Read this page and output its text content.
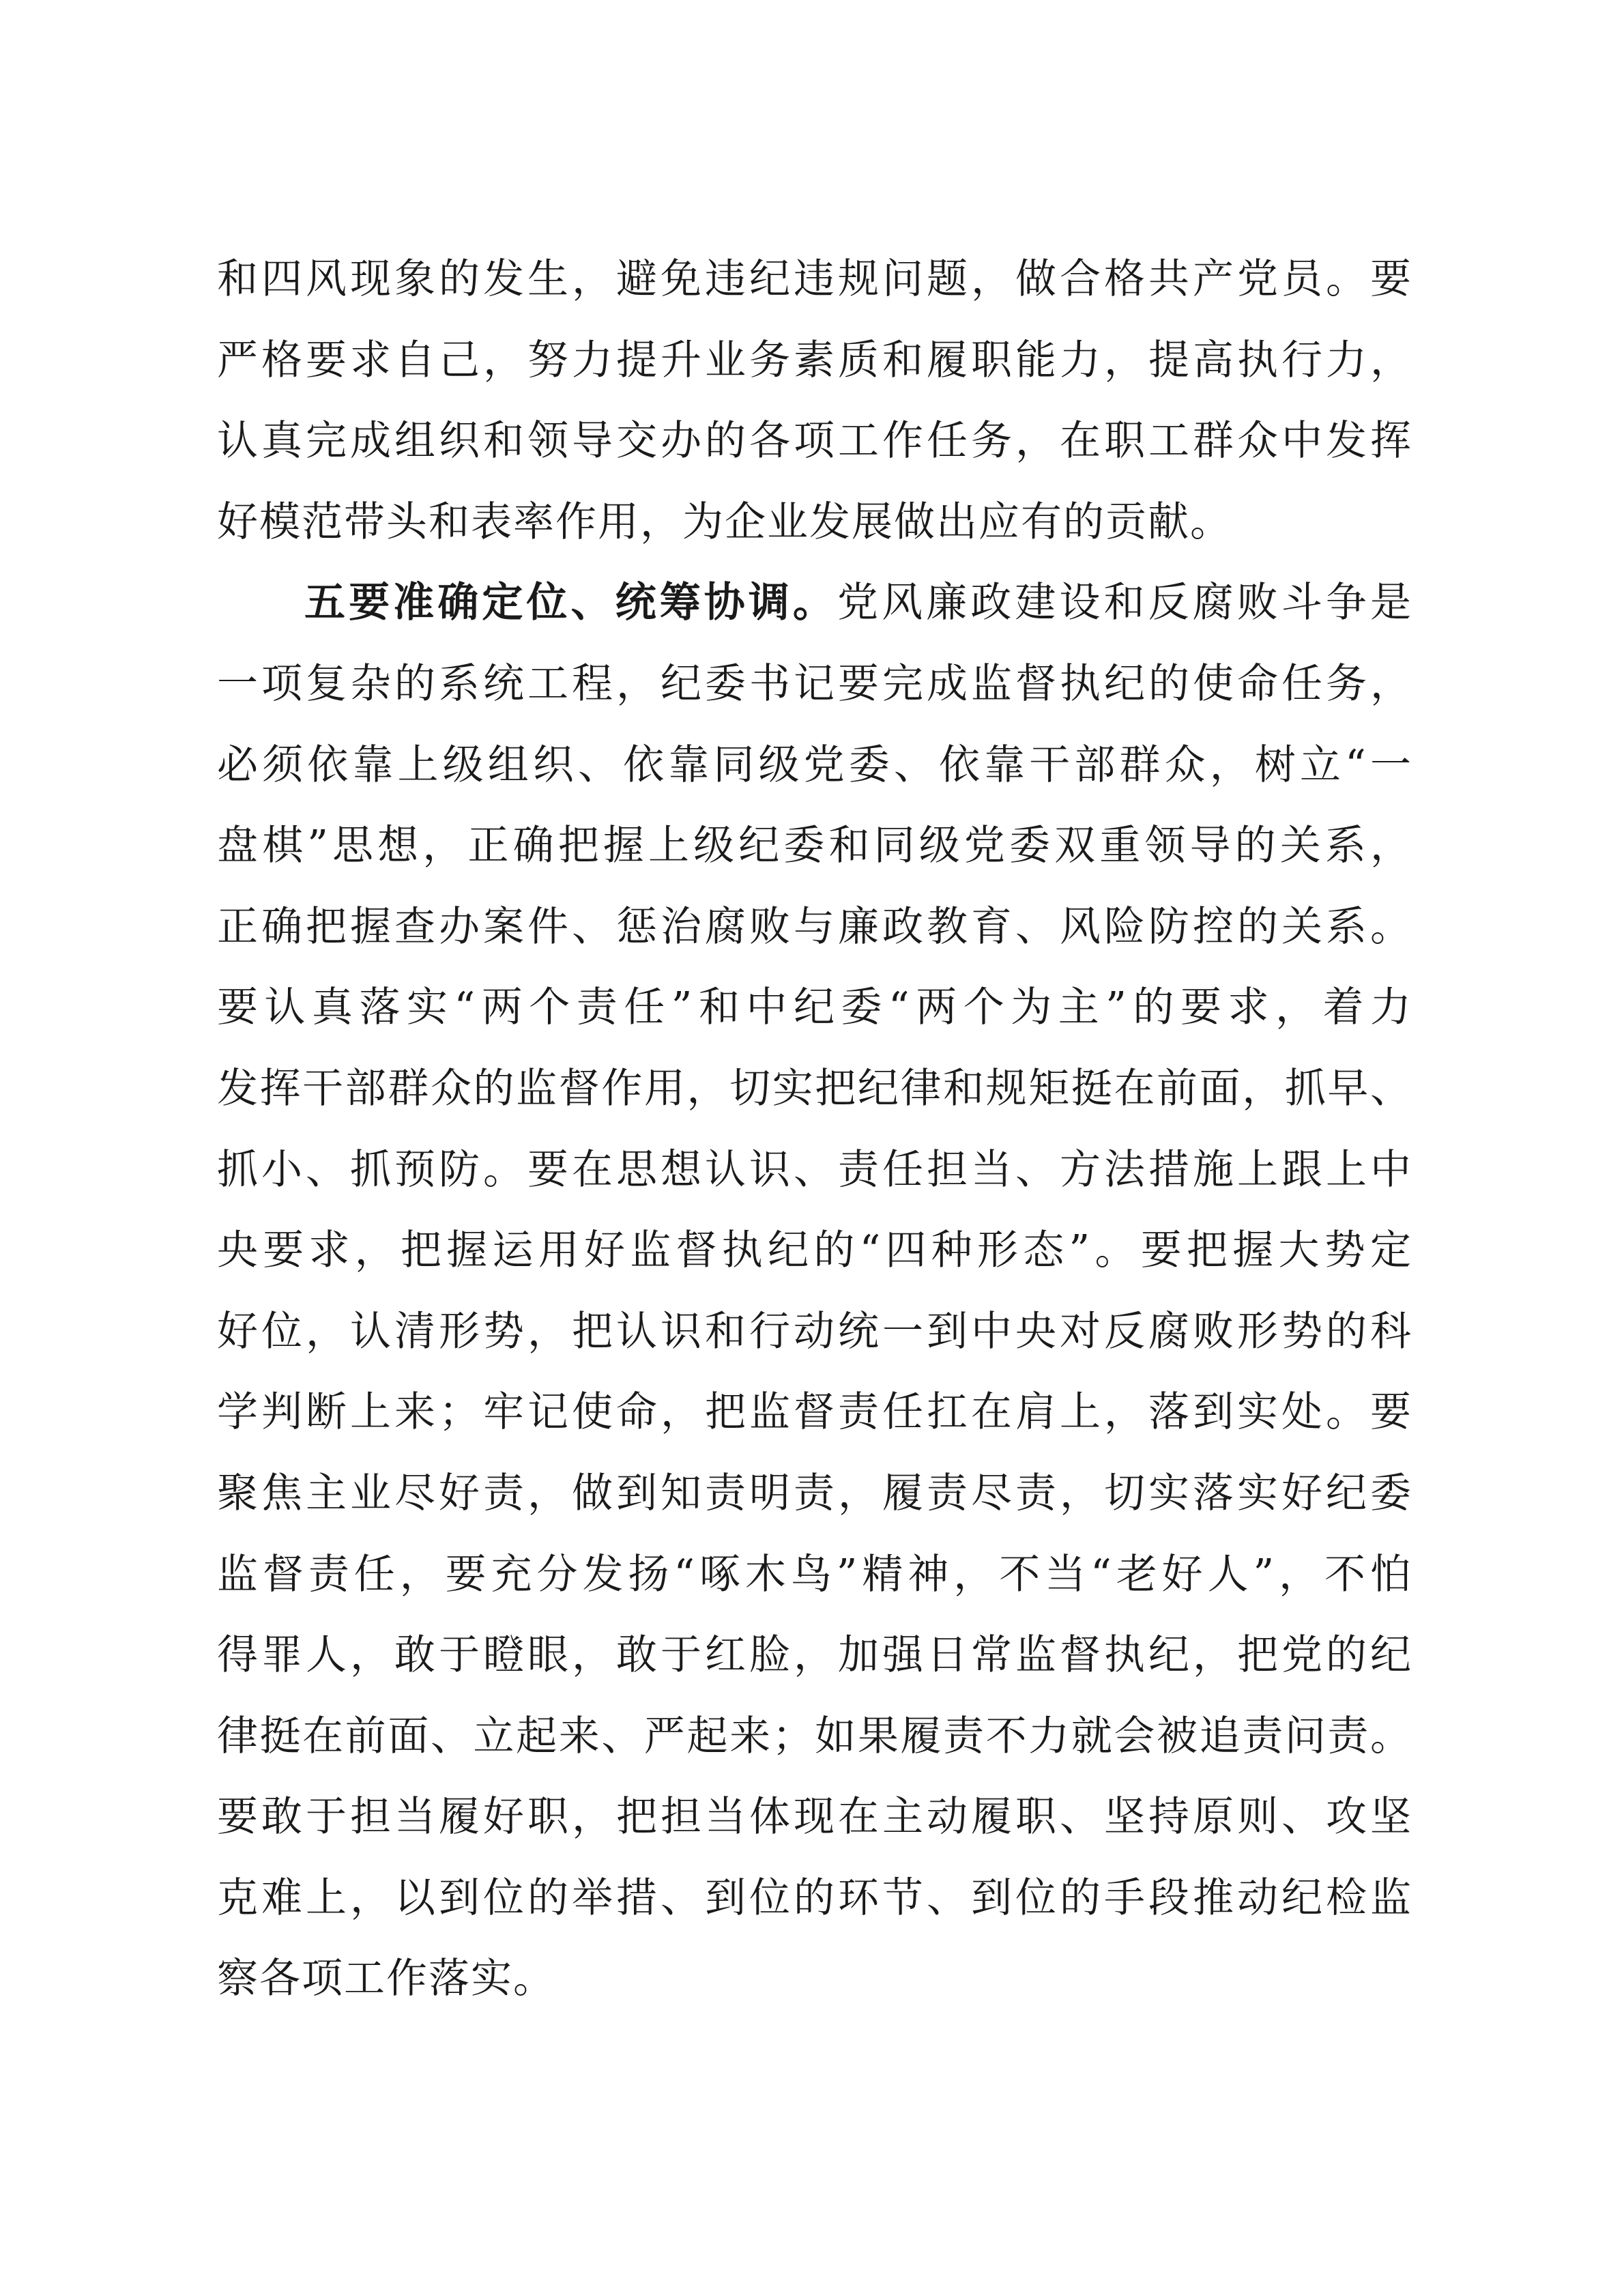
和四风现象的发生，避免违纪违规问题，做合格共产党员。要
严格要求自己，努力提升业务素质和履职能力，提高执行力，
认真完成组织和领导交办的各项工作任务，在职工群众中发挥
好模范带头和表率作用，为企业发展做出应有的贡献。
五要准确定位、统筹协调。党风廉政建设和反腐败斗争是
一项复杂的系统工程，纪委书记要完成监督执纪的使命任务，
必须依靠上级组织、依靠同级党委、依靠干部群众，树立“一
盘棋”思想，正确把握上级纪委和同级党委双重领导的关系，
正确把握查办案件、惩治腐败与廉政教育、风险防控的关系。
要认真落实“两个责任”和中纪委“两个为主”的要求，着力
发挥干部群众的监督作用，切实把纪律和规矩挺在前面，抓早、
抓小、抓预防。要在思想认识、责任担当、方法措施上跟上中
央要求，把握运用好监督执纪的“四种形态”。要把握大势定
好位，认清形势，把认识和行动统一到中央对反腐败形势的科
学判断上来；牢记使命，把监督责任扛在肩上，落到实处。要
聚焦主业尽好责，做到知责明责，履责尽责，切实落实好纪委
监督责任，要充分发扬“啄木鸟”精神，不当“老好人”，不怕
得罪人，敢于瞪眼，敢于红脸，加强日常监督执纪，把党的纪
律挺在前面、立起来、严起来；如果履责不力就会被追责问责。
要敢于担当履好职，把担当体现在主动履职、坚持原则、攻坚
克难上，以到位的举措、到位的环节、到位的手段推动纪检监
察各项工作落实。
